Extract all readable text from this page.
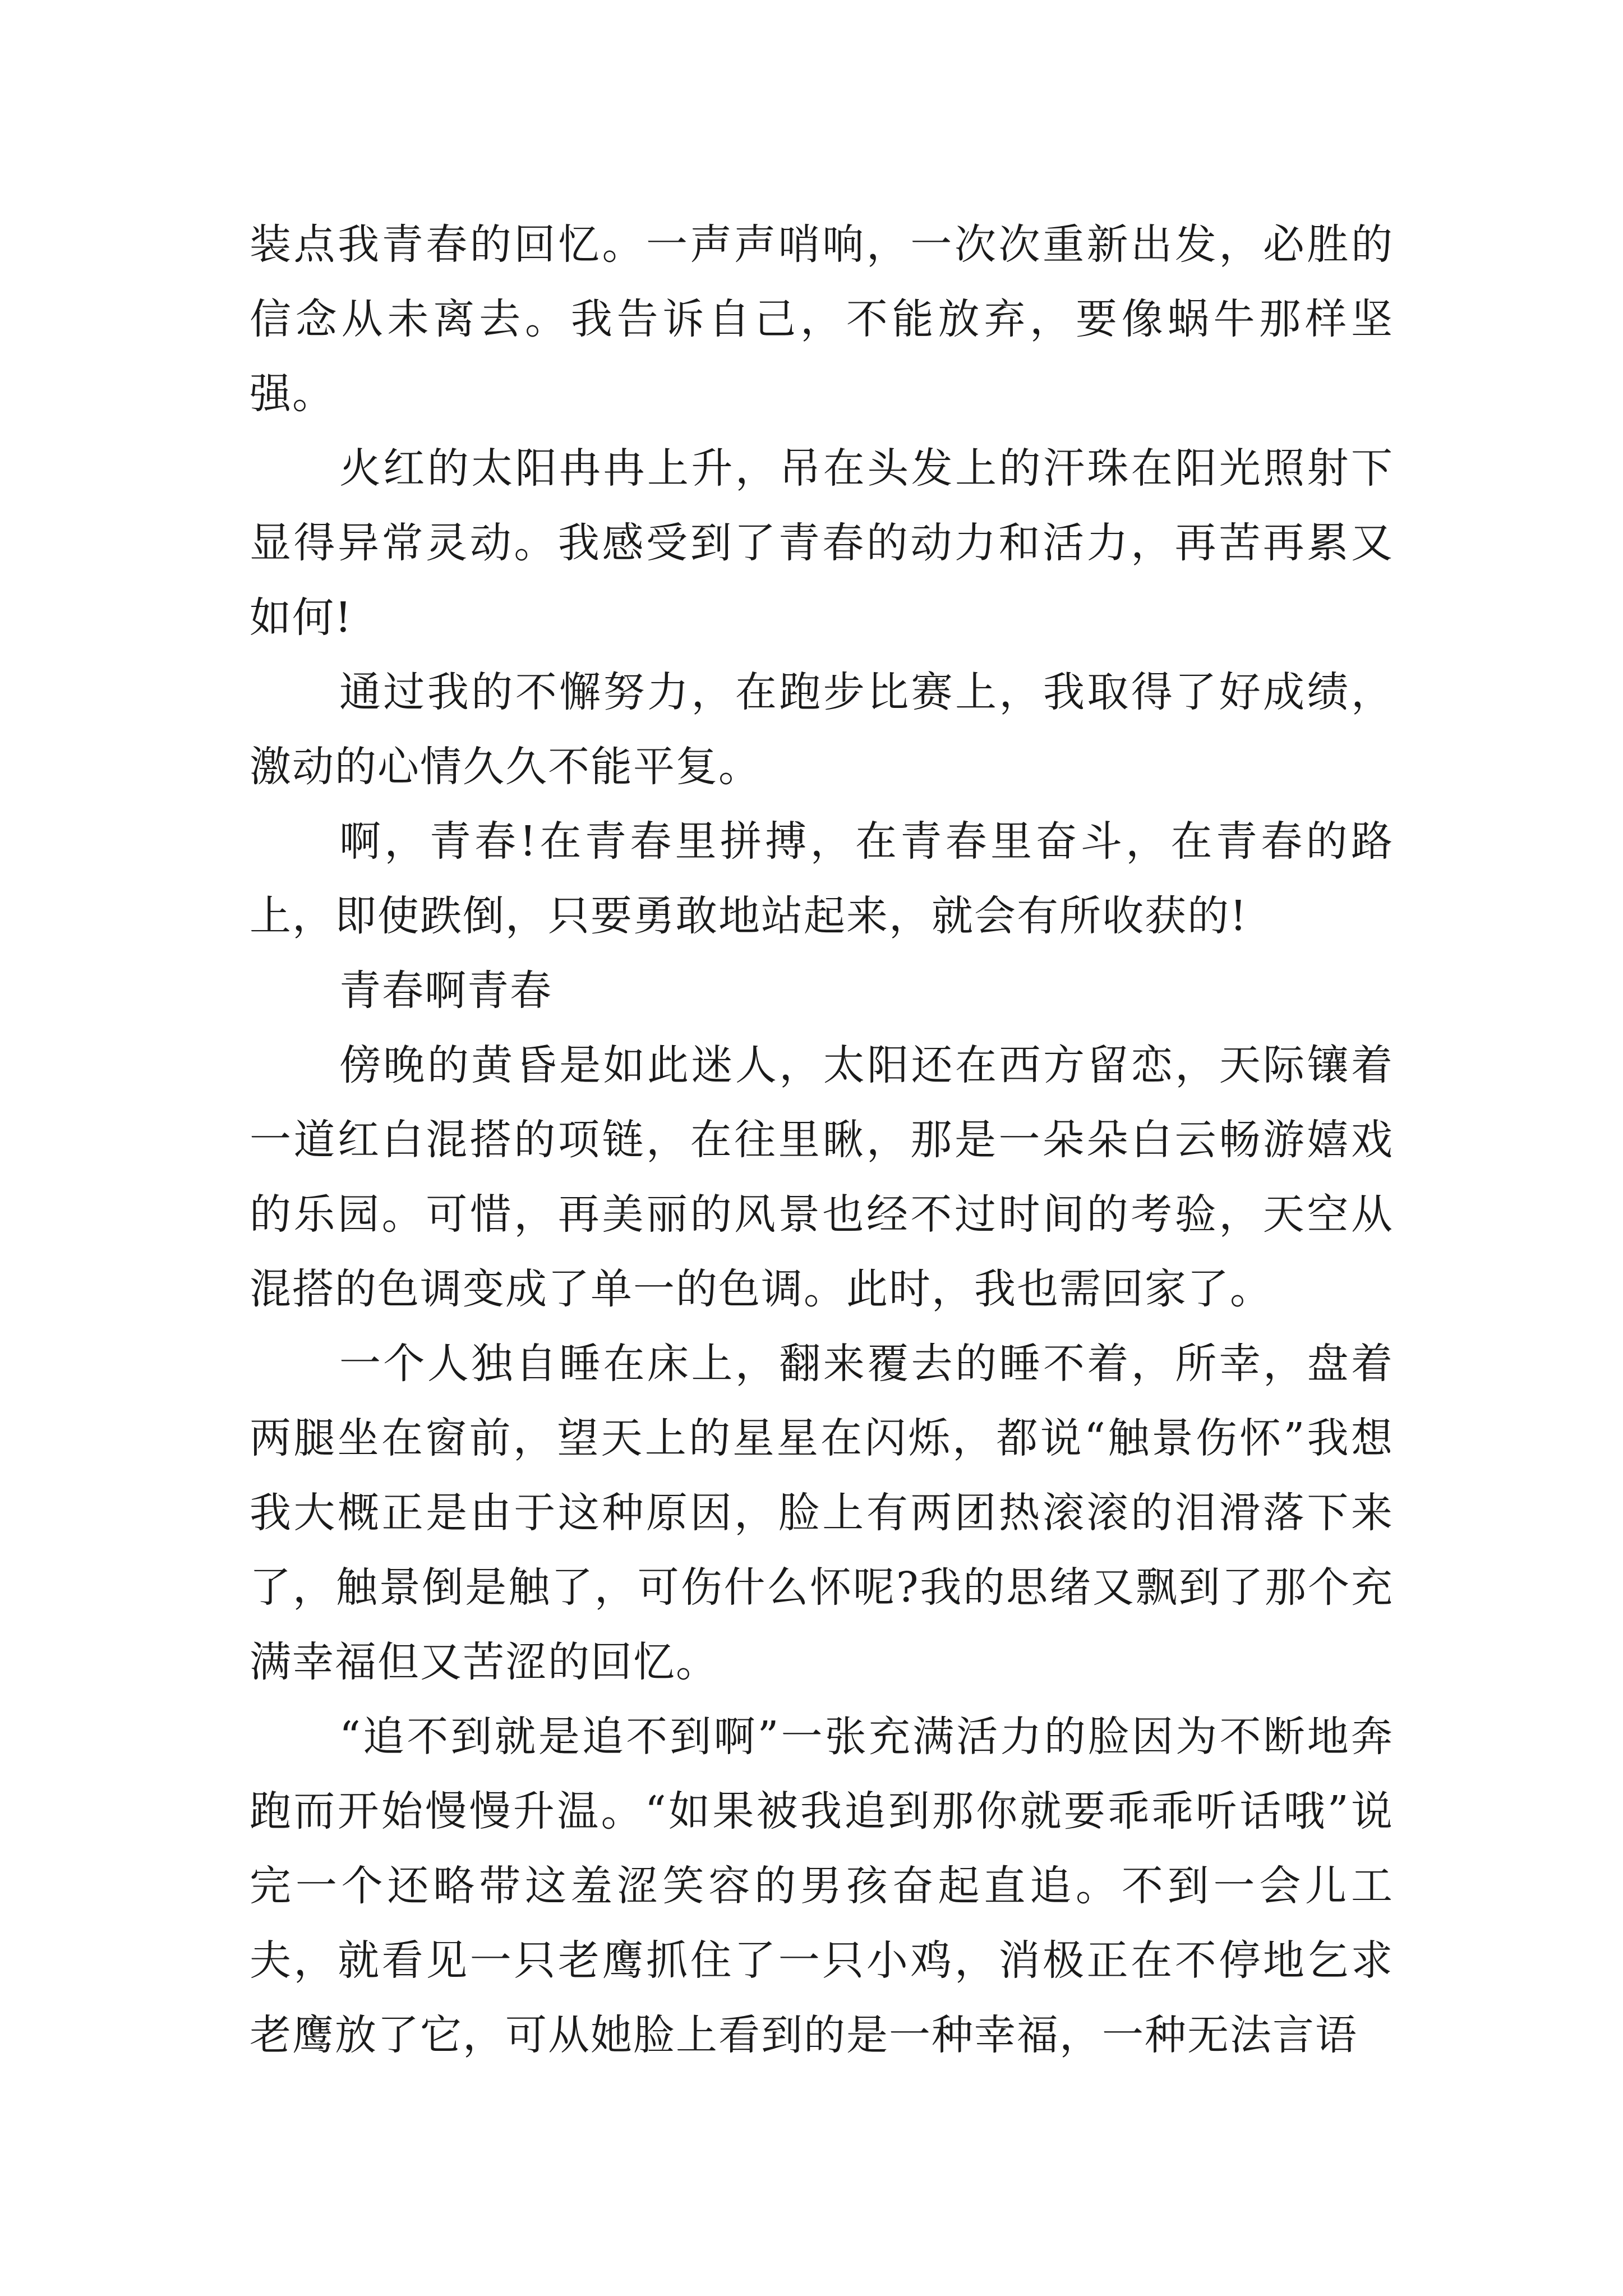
装点我青春的回忆。一声声哨响，一次次重新出发，必胜的信念从未离去。我告诉自己，不能放弃，要像蜗牛那样坚强。

火红的太阳冉冉上升，吊在头发上的汗珠在阳光照射下显得异常灵动。我感受到了青春的动力和活力，再苦再累又如何!

通过我的不懈努力，在跑步比赛上，我取得了好成绩，激动的心情久久不能平复。

啊，青春!在青春里拼搏，在青春里奋斗，在青春的路上，即使跌倒，只要勇敢地站起来，就会有所收获的!

青春啊青春

傍晚的黄昏是如此迷人，太阳还在西方留恋，天际镶着一道红白混搭的项链，在往里瞅，那是一朵朵白云畅游嬉戏的乐园。可惜，再美丽的风景也经不过时间的考验，天空从混搭的色调变成了单一的色调。此时，我也需回家了。

一个人独自睡在床上，翻来覆去的睡不着，所幸，盘着两腿坐在窗前，望天上的星星在闪烁，都说“触景伤怀”我想我大概正是由于这种原因，脸上有两团热滚滚的泪滑落下来了，触景倒是触了，可伤什么怀呢?我的思绪又飘到了那个充满幸福但又苦涩的回忆。

“追不到就是追不到啊”一张充满活力的脸因为不断地奔跑而开始慢慢升温。“如果被我追到那你就要乖乖听话哦”说完一个还略带这羞涩笑容的男孩奋起直追。不到一会儿工夫，就看见一只老鹰抓住了一只小鸡，消极正在不停地乞求老鹰放了它，可从她脸上看到的是一种幸福，一种无法言语
